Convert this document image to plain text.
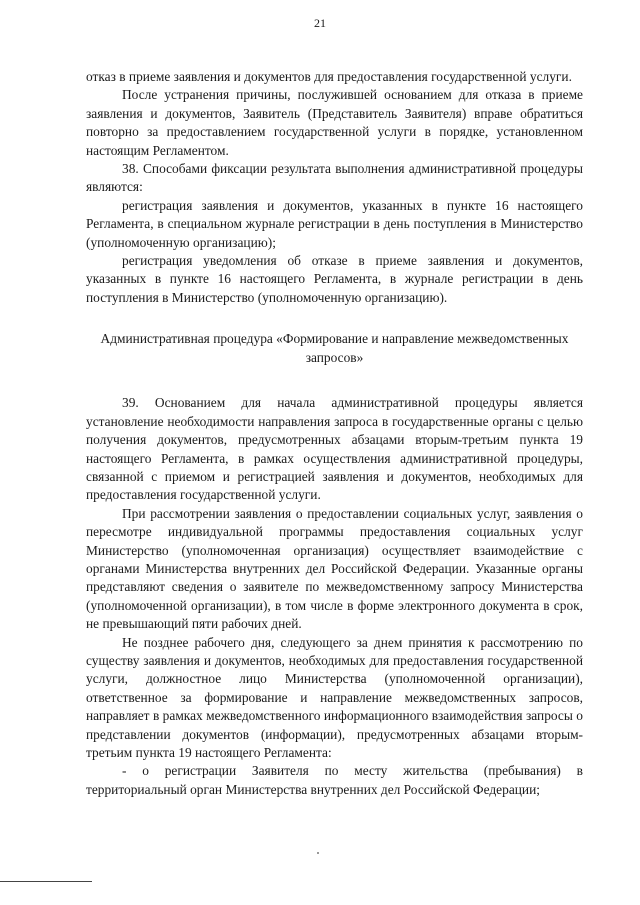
21

отказ в приеме заявления и документов для предоставления государственной услуги.

После устранения причины, послужившей основанием для отказа в приеме заявления и документов, Заявитель (Представитель Заявителя) вправе обратиться повторно за предоставлением государственной услуги в порядке, установленном настоящим Регламентом.

38. Способами фиксации результата выполнения административной процедуры являются:

регистрация заявления и документов, указанных в пункте 16 настоящего Регламента, в специальном журнале регистрации в день поступления в Министерство (уполномоченную организацию);

регистрация уведомления об отказе в приеме заявления и документов, указанных в пункте 16 настоящего Регламента, в журнале регистрации в день поступления в Министерство (уполномоченную организацию).

Административная процедура «Формирование и направление межведомственных запросов»

39. Основанием для начала административной процедуры является установление необходимости направления запроса в государственные органы с целью получения документов, предусмотренных абзацами вторым-третьим пункта 19 настоящего Регламента, в рамках осуществления административной процедуры, связанной с приемом и регистрацией заявления и документов, необходимых для предоставления государственной услуги.

При рассмотрении заявления о предоставлении социальных услуг, заявления о пересмотре индивидуальной программы предоставления социальных услуг Министерство (уполномоченная организация) осуществляет взаимодействие с органами Министерства внутренних дел Российской Федерации. Указанные органы представляют сведения о заявителе по межведомственному запросу Министерства (уполномоченной организации), в том числе в форме электронного документа в срок, не превышающий пяти рабочих дней.

Не позднее рабочего дня, следующего за днем принятия к рассмотрению по существу заявления и документов, необходимых для предоставления государственной услуги, должностное лицо Министерства (уполномоченной организации), ответственное за формирование и направление межведомственных запросов, направляет в рамках межведомственного информационного взаимодействия запросы о представлении документов (информации), предусмотренных абзацами вторым-третьим пункта 19 настоящего Регламента:

- о регистрации Заявителя по месту жительства (пребывания) в территориальный орган Министерства внутренних дел Российской Федерации;
